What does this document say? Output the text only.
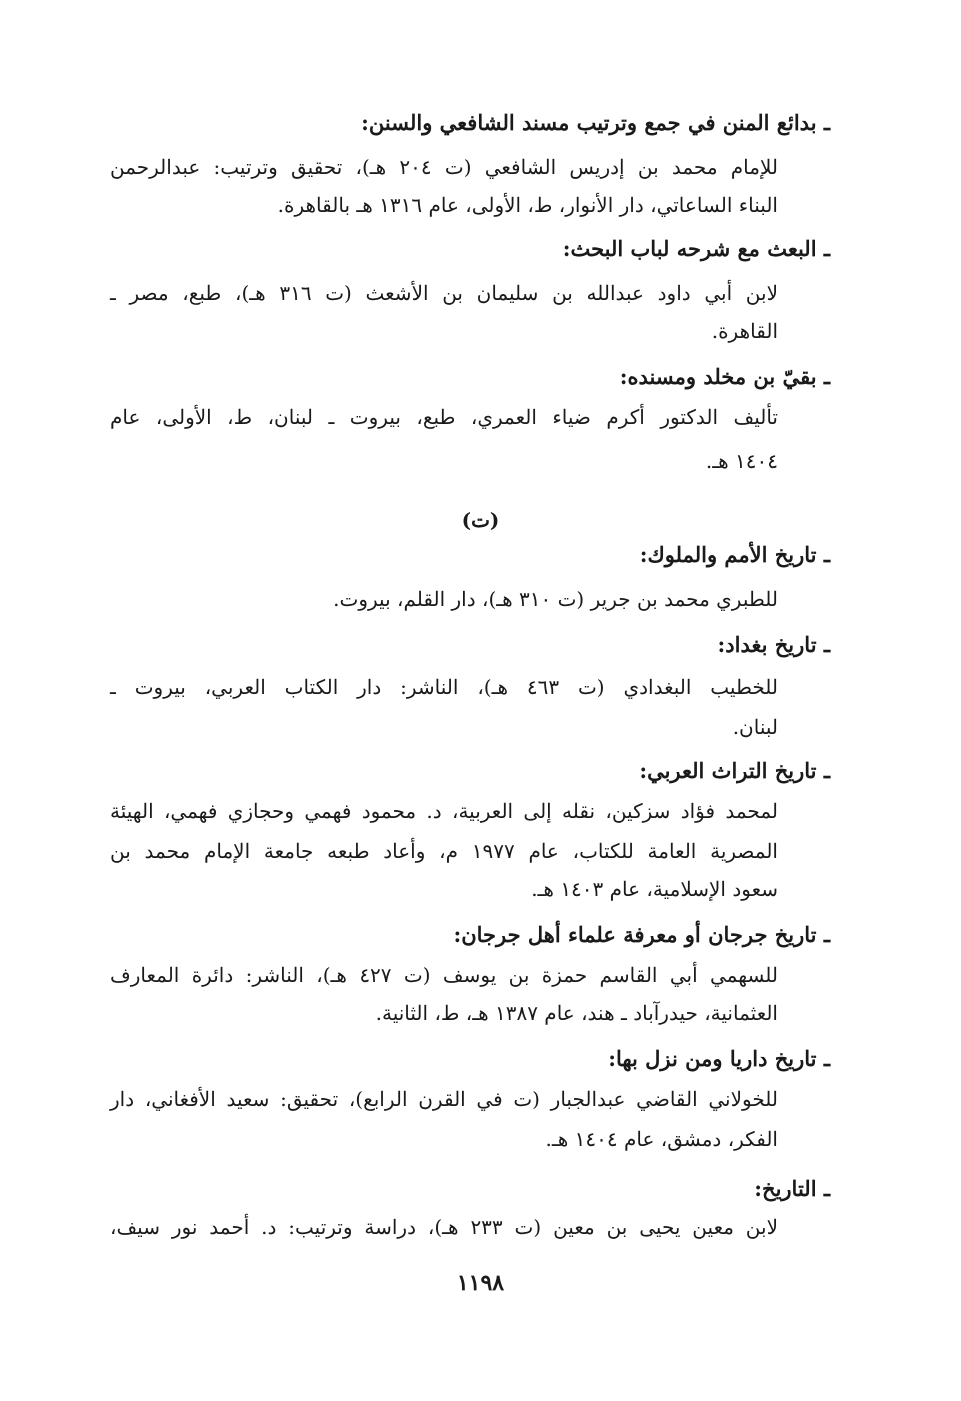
ـ بدائع المنن في جمع وترتيب مسند الشافعي والسنن:
للإمام محمد بن إدريس الشافعي (ت ٢٠٤ هـ)، تحقيق وترتيب: عبدالرحمن
البناء الساعاتي، دار الأنوار، ط، الأولى، عام ١٣١٦ هـ بالقاهرة.
ـ البعث مع شرحه لباب البحث:
لابن أبي داود عبدالله بن سليمان بن الأشعث (ت ٣١٦ هـ)، طبع، مصر ـ
القاهرة.
ـ بقيّ بن مخلد ومسنده:
تأليف الدكتور أكرم ضياء العمري، طبع، بيروت ـ لبنان، ط، الأولى، عام
١٤٠٤ هـ.
(ت)
ـ تاريخ الأمم والملوك:
للطبري محمد بن جرير (ت ٣١٠ هـ)، دار القلم، بيروت.
ـ تاريخ بغداد:
للخطيب البغدادي (ت ٤٦٣ هـ)، الناشر: دار الكتاب العربي، بيروت ـ
لبنان.
ـ تاريخ التراث العربي:
لمحمد فؤاد سزكين، نقله إلى العربية، د. محمود فهمي وحجازي فهمي، الهيئة
المصرية العامة للكتاب، عام ١٩٧٧ م، وأعاد طبعه جامعة الإمام محمد بن
سعود الإسلامية، عام ١٤٠٣ هـ.
ـ تاريخ جرجان أو معرفة علماء أهل جرجان:
للسهمي أبي القاسم حمزة بن يوسف (ت ٤٢٧ هـ)، الناشر: دائرة المعارف
العثمانية، حيدرآباد ـ هند، عام ١٣٨٧ هـ، ط، الثانية.
ـ تاريخ داريا ومن نزل بها:
للخولاني القاضي عبدالجبار (ت في القرن الرابع)، تحقيق: سعيد الأفغاني، دار
الفكر، دمشق، عام ١٤٠٤ هـ.
ـ التاريخ:
لابن معين يحيى بن معين (ت ٢٣٣ هـ)، دراسة وترتيب: د. أحمد نور سيف،
١١٩٨
